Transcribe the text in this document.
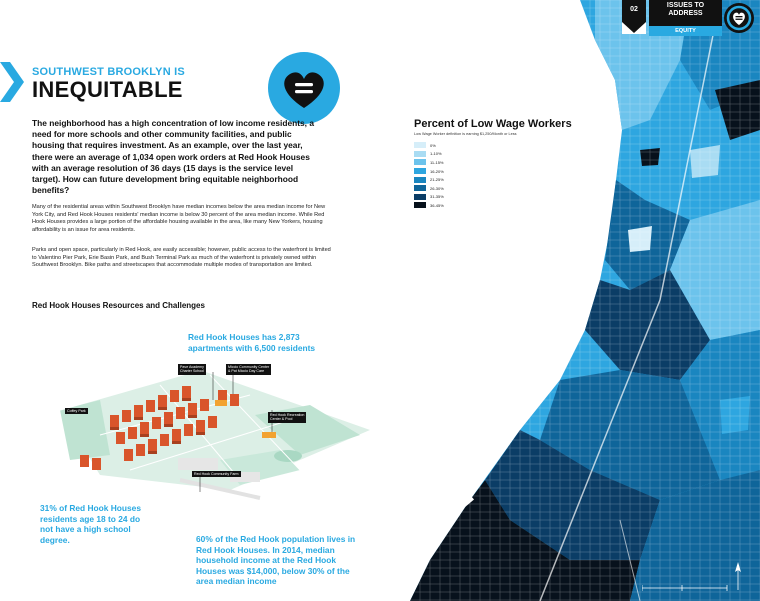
SOUTHWEST BROOKLYN IS
INEQUITABLE

The neighborhood has a high concentration of low income residents, a need for more schools and other community facilities, and public housing that requires investment. As an example, over the last year, there were an average of 1,034 open work orders at Red Hook Houses with an average resolution of 36 days (15 days is the service level target). How can future development bring equitable neighborhood benefits?

Many of the residential areas within Southwest Brooklyn have median incomes below the area median income for New York City, and Red Hook Houses residents' median income is below 30 percent of the area median income. While Red Hook Houses provides a large portion of the affordable housing available in the area, like many New Yorkers, housing affordability is an issue for area residents.

Parks and open space, particularly in Red Hook, are easily accessible; however, public access to the waterfront is limited to Valentino Pier Park, Erie Basin Park, and Bush Terminal Park as much of the waterfront is privately owned within Southwest Brooklyn. Bike paths and streetscapes that accommodate multiple modes of transportation are limited.

Red Hook Houses Resources and Challenges

Red Hook Houses has 2,873 apartments with 6,500 residents

Coffey Park
Pave Academy
Charter School
Miccio Community Center
& Pat Miccio Day Care
Red Hook Recreation
Center & Pool
Red Hook Community Farm

31% of Red Hook Houses residents age 18 to 24 do not have a high school degree.	60% of the Red Hook population lives in Red Hook Houses. In 2014, median household income at the Red Hook Houses was $14,000, below 30% of the area median income

Percent of Low Wage Workers
Low Wage Worker definition is earning $1,250/Month or Less
0%
1-10%
11-15%
16-20%
21-25%
26-30%
31-35%
36-45%
02
ISSUES TO ADDRESS
EQUITY
